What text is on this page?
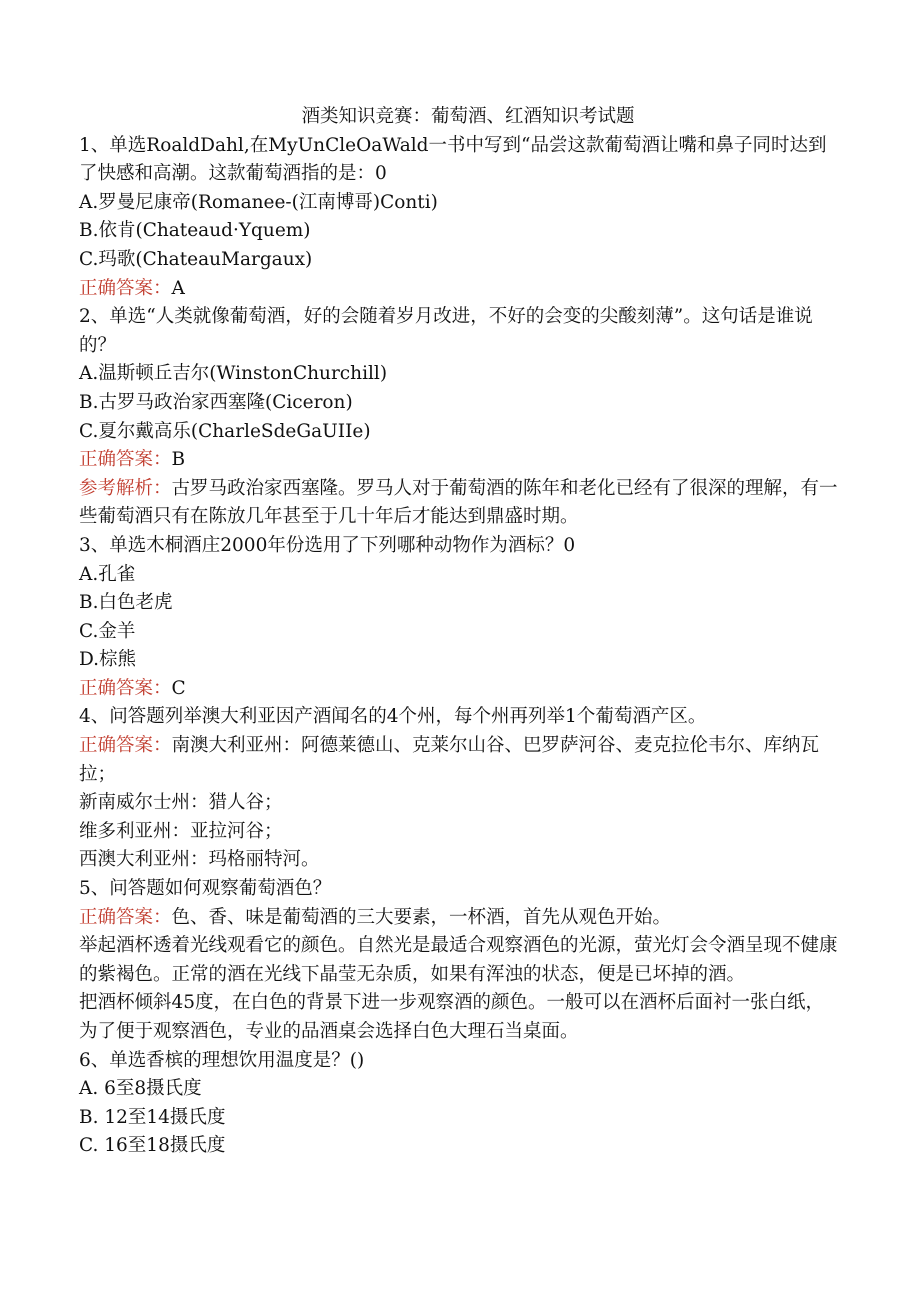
酒类知识竞赛：葡萄酒、红酒知识考试题
1、单选RoaldDahl,在MyUnCleOaWald一书中写到“品尝这款葡萄酒让嘴和鼻子同时达到了快感和高潮。这款葡萄酒指的是：0
A.罗曼尼康帝(Romanee-(江南博哥)Conti)
B.依肯(Chateaud·Yquem)
C.玛歌(ChateauMargaux)
正确答案：A
2、单选“人类就像葡萄酒，好的会随着岁月改进，不好的会变的尖酸刻薄”。这句话是谁说的？
A.温斯顿丘吉尔(WinstonChurchill)
B.古罗马政治家西塞隆(Ciceron)
C.夏尔戴高乐(CharleSdeGaUIIe)
正确答案：B
参考解析：古罗马政治家西塞隆。罗马人对于葡萄酒的陈年和老化已经有了很深的理解，有一些葡萄酒只有在陈放几年甚至于几十年后才能达到鼎盛时期。
3、单选木桐酒庄2000年份选用了下列哪种动物作为酒标？0
A.孔雀
B.白色老虎
C.金羊
D.棕熊
正确答案：C
4、问答题列举澳大利亚因产酒闻名的4个州，每个州再列举1个葡萄酒产区。
正确答案：南澳大利亚州：阿德莱德山、克莱尔山谷、巴罗萨河谷、麦克拉伦韦尔、库纳瓦拉；
新南威尔士州：猎人谷；
维多利亚州：亚拉河谷；
西澳大利亚州：玛格丽特河。
5、问答题如何观察葡萄酒色？
正确答案：色、香、味是葡萄酒的三大要素，一杯酒，首先从观色开始。
举起酒杯透着光线观看它的颜色。自然光是最适合观察酒色的光源，萤光灯会令酒呈现不健康的紫褐色。正常的酒在光线下晶莹无杂质，如果有浑浊的状态，便是已坏掉的酒。
把酒杯倾斜45度，在白色的背景下进一步观察酒的颜色。一般可以在酒杯后面衬一张白纸，为了便于观察酒色，专业的品酒桌会选择白色大理石当桌面。
6、单选香槟的理想饮用温度是？()
A. 6至8摄氏度
B. 12至14摄氏度
C. 16至18摄氏度
